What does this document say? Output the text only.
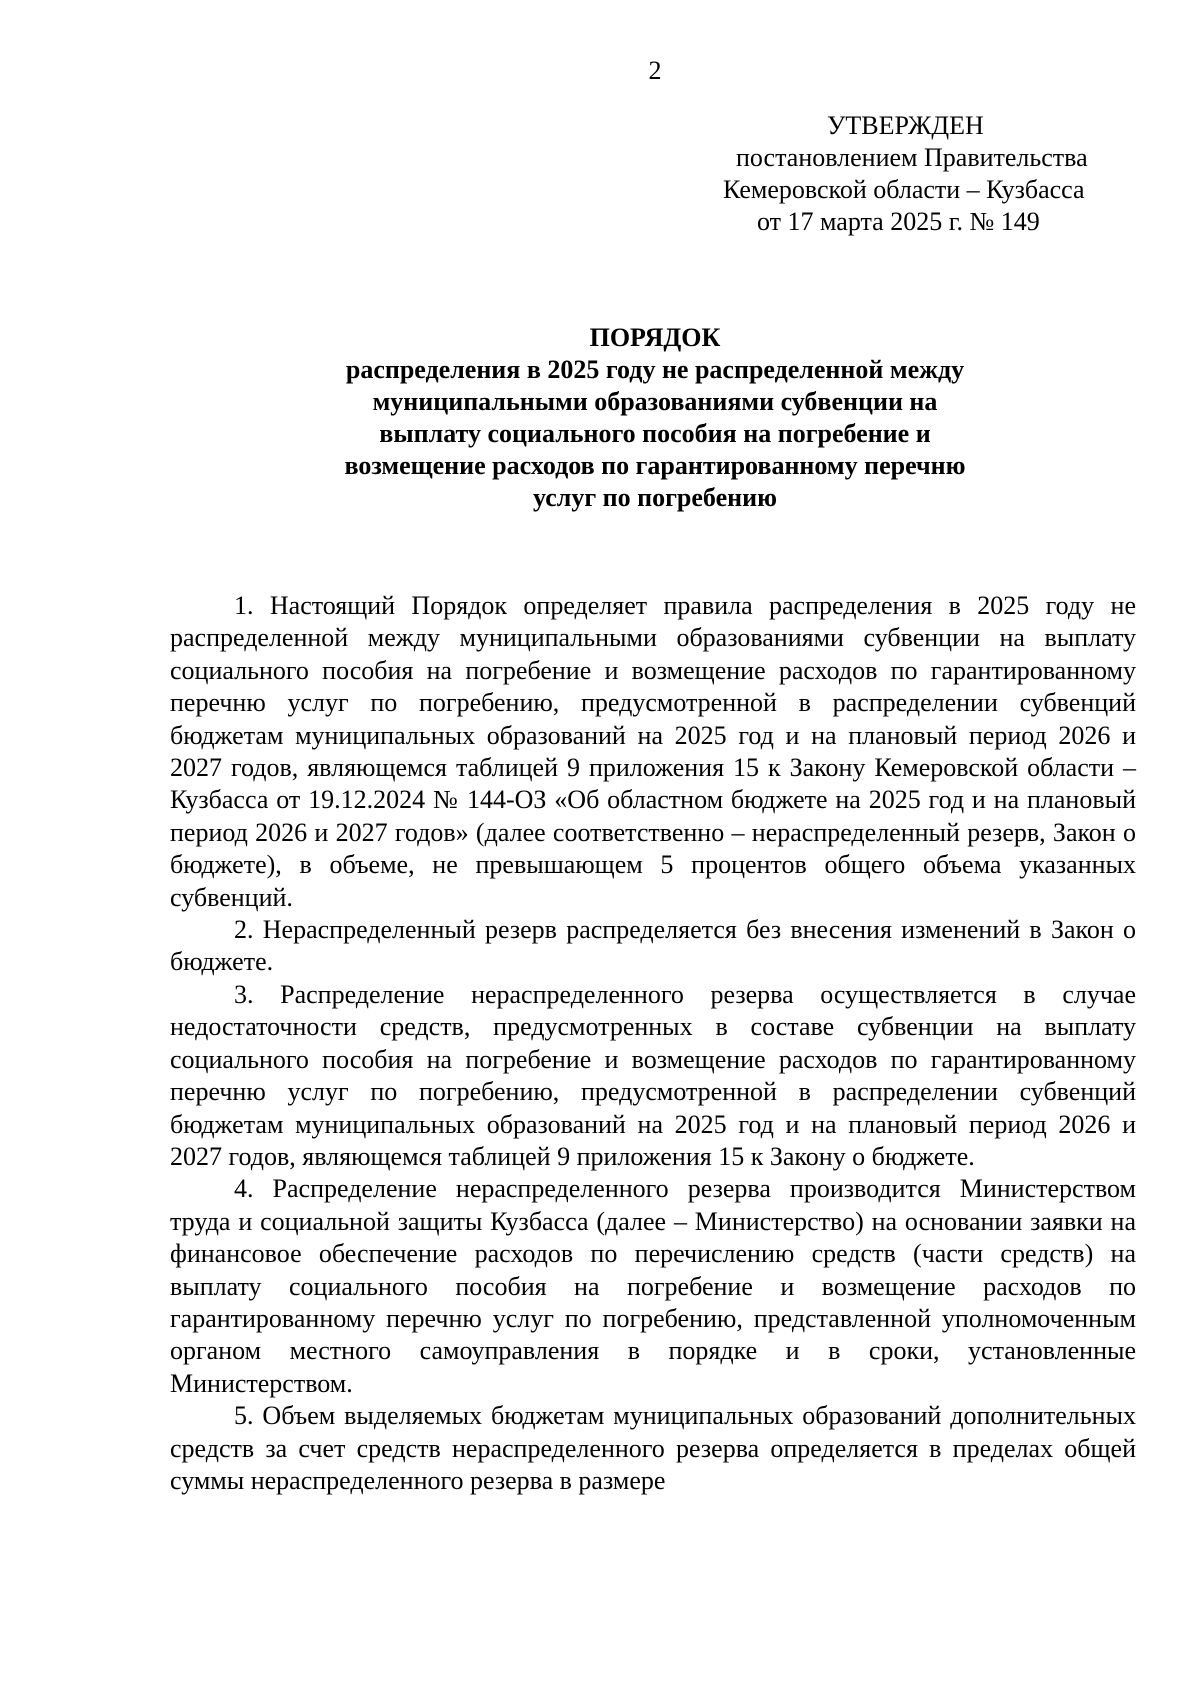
2
УТВЕРЖДЕН
постановлением Правительства
Кемеровской области – Кузбасса
от 17 марта 2025 г. № 149
ПОРЯДОК
распределения в 2025 году не распределенной между
муниципальными образованиями субвенции на
выплату социального пособия на погребение и
возмещение расходов по гарантированному перечню
услуг по погребению

1. Настоящий Порядок определяет правила распределения в 2025 году не распределенной между муниципальными образованиями субвенции на выплату социального пособия на погребение и возмещение расходов по гарантированному перечню услуг по погребению, предусмотренной в распределении субвенций бюджетам муниципальных образований на 2025 год и на плановый период 2026 и 2027 годов, являющемся таблицей 9 приложения 15 к Закону Кемеровской области – Кузбасса от 19.12.2024 № 144-ОЗ «Об областном бюджете на 2025 год и на плановый период 2026 и 2027 годов» (далее соответственно – нераспределенный резерв, Закон о бюджете), в объеме, не превышающем 5 процентов общего объема указанных субвенций.

2. Нераспределенный резерв распределяется без внесения изменений в Закон о бюджете.

3. Распределение нераспределенного резерва осуществляется в случае недостаточности средств, предусмотренных в составе субвенции на выплату социального пособия на погребение и возмещение расходов по гарантированному перечню услуг по погребению, предусмотренной в распределении субвенций бюджетам муниципальных образований на 2025 год и на плановый период 2026 и 2027 годов, являющемся таблицей 9 приложения 15 к Закону о бюджете.

4. Распределение нераспределенного резерва производится Министерством труда и социальной защиты Кузбасса (далее – Министерство) на основании заявки на финансовое обеспечение расходов по перечислению средств (части средств) на выплату социального пособия на погребение и возмещение расходов по гарантированному перечню услуг по погребению, представленной уполномоченным органом местного самоуправления в порядке и в сроки, установленные Министерством.

5. Объем выделяемых бюджетам муниципальных образований дополнительных средств за счет средств нераспределенного резерва определяется в пределах общей суммы нераспределенного резерва в размере
